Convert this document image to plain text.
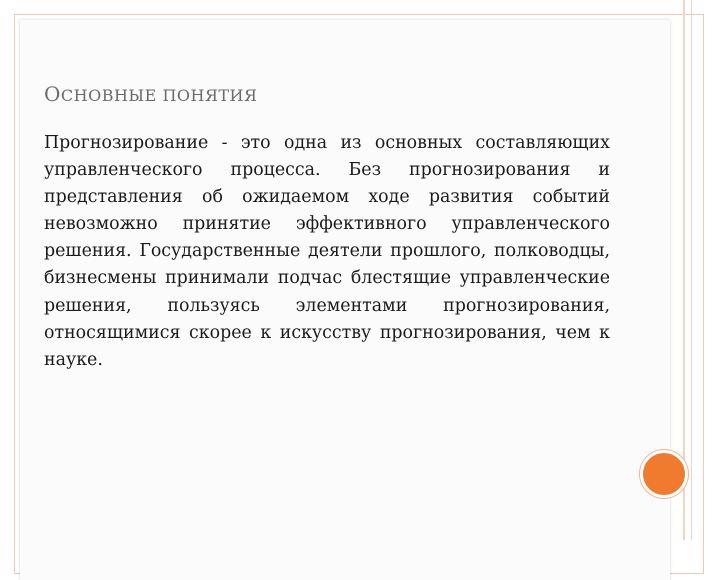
ОСНОВНЫЕ ПОНЯТИЯ
Прогнозирование - это одна из основных составляющих управленческого процесса. Без прогнозирования и представления об ожидаемом ходе развития событий невозможно принятие эффективного управленческого решения. Государственные деятели прошлого, полководцы, бизнесмены принимали подчас блестящие управленческие решения, пользуясь элементами прогнозирования, относящимися скорее к искусству прогнозирования, чем к науке.
